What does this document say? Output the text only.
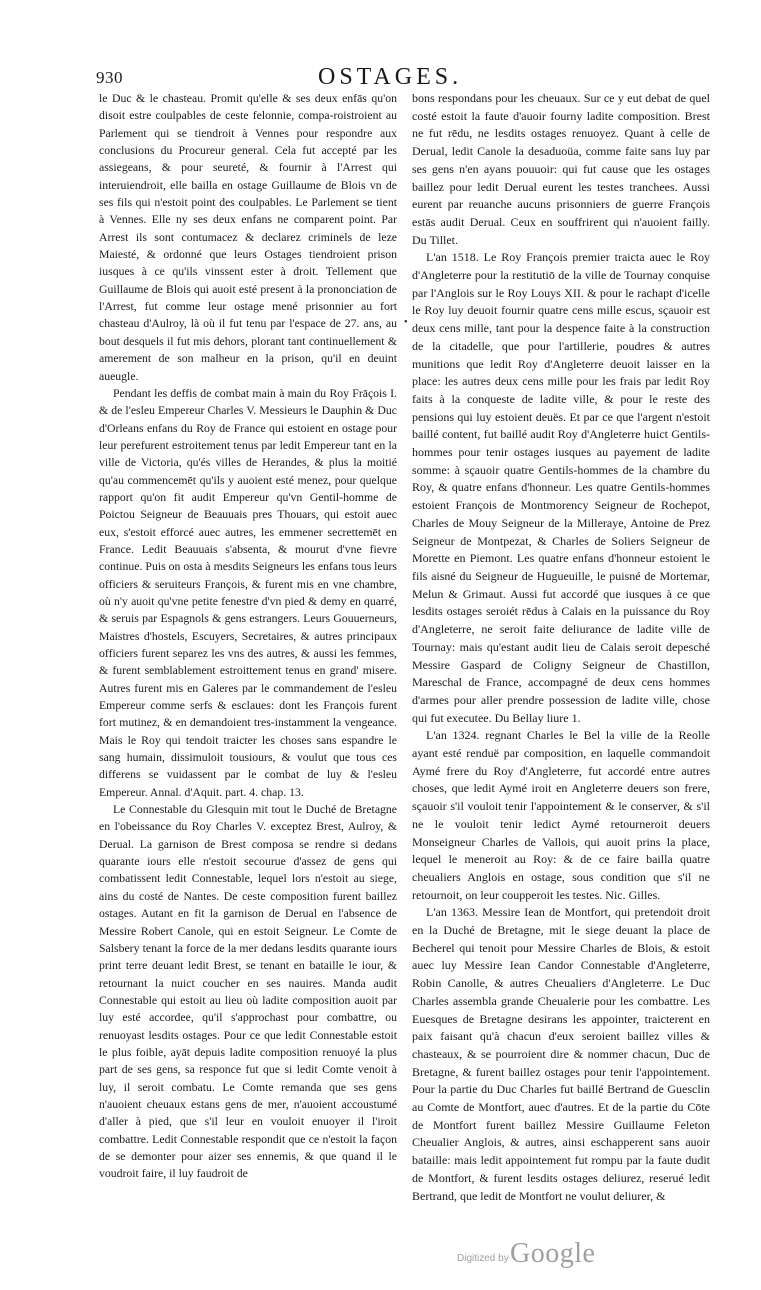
930	OSTAGES.

le Duc & le chasteau. Promit qu'elle & ses deux enfās qu'on disoit estre coulpables de ceste felonnie, compa-roistroient au Parlement qui se tiendroit à Vennes pour respondre aux conclusions du Procureur general. Cela fut accepté par les assiegeans, & pour seureté, & fournir à l'Arrest qui interuiendroit, elle bailla en ostage Guillaume de Blois vn de ses fils qui n'estoit point des coulpables. Le Parlement se tient à Vennes. Elle ny ses deux enfans ne comparent point. Par Arrest ils sont contumacez & declarez criminels de leze Maiesté, & ordonné que leurs Ostages tiendroient prison iusques à ce qu'ils vinssent ester à droit. Tellement que Guillaume de Blois qui auoit esté present à la prononciation de l'Arrest, fut comme leur ostage mené prisonnier au fort chasteau d'Aulroy, là où il fut tenu par l'espace de 27. ans, au bout desquels il fut mis dehors, plorant tant continuellement & amerement de son malheur en la prison, qu'il en deuint aueugle.

Pendant les deffis de combat main à main du Roy Frāçois I. & de l'esleu Empereur Charles V. Messieurs le Dauphin & Duc d'Orleans enfans du Roy de France qui estoient en ostage pour leur perefurent estroitement tenus par ledit Empereur tant en la ville de Victoria, qu'és villes de Herandes, & plus la moitié qu'au commencemēt qu'ils y auoient esté menez, pour quelque rapport qu'on fit audit Empereur qu'vn Gentil-homme de Poictou Seigneur de Beauuais pres Thouars, qui estoit auec eux, s'estoit efforcé auec autres, les emmener secrettemēt en France. Ledit Beauuais s'absenta, & mourut d'vne fievre continue. Puis on osta à mesdits Seigneurs les enfans tous leurs officiers & seruiteurs François, & furent mis en vne chambre, où n'y auoit qu'vne petite fenestre d'vn pied & demy en quarré, & seruis par Espagnols & gens estrangers. Leurs Gouuerneurs, Maistres d'hostels, Escuyers, Secretaires, & autres principaux officiers furent separez les vns des autres, & aussi les femmes, & furent semblablement estroittement tenus en grand' misere. Autres furent mis en Galeres par le commandement de l'esleu Empereur comme serfs & esclaues: dont les François furent fort mutinez, & en demandoient tres-instamment la vengeance. Mais le Roy qui tendoit traicter les choses sans espandre le sang humain, dissimuloit tousiours, & voulut que tous ces differens se vuidassent par le combat de luy & l'esleu Empereur. Annal. d'Aquit. part. 4. chap. 13.

Le Connestable du Glesquin mit tout le Duché de Bretagne en l'obeissance du Roy Charles V. exceptez Brest, Aulroy, & Derual. La garnison de Brest composa se rendre si dedans quarante iours elle n'estoit secourue d'assez de gens qui combatissent ledit Connestable, lequel lors n'estoit au siege, ains du costé de Nantes. De ceste composition furent baillez ostages. Autant en fit la garnison de Derual en l'absence de Messire Robert Canole, qui en estoit Seigneur. Le Comte de Salsbery tenant la force de la mer dedans lesdits quarante iours print terre deuant ledit Brest, se tenant en bataille le iour, & retournant la nuict coucher en ses nauires. Manda audit Connestable qui estoit au lieu où ladite composition auoit par luy esté accordee, qu'il s'approchast pour combattre, ou renuoyast lesdits ostages. Pour ce que ledit Connestable estoit le plus foible, ayāt depuis ladite composition renuoyé la plus part de ses gens, sa responce fut que si ledit Comte venoit à luy, il seroit combatu. Le Comte remanda que ses gens n'auoient cheuaux estans gens de mer, n'auoient accoustumé d'aller à pied, que s'il leur en vouloit enuoyer il l'iroit combattre. Ledit Connestable respondit que ce n'estoit la façon de se demonter pour aizer ses ennemis, & que quand il le voudroit faire, il luy faudroit de

•

bons respondans pour les cheuaux. Sur ce y eut debat de quel costé estoit la faute d'auoir fourny ladite composition. Brest ne fut rēdu, ne lesdits ostages renuoyez. Quant à celle de Derual, ledit Canole la desaduoüa, comme faite sans luy par ses gens n'en ayans pouuoir: qui fut cause que les ostages baillez pour ledit Derual eurent les testes tranchees. Aussi eurent par reuanche aucuns prisonniers de guerre François estās audit Derual. Ceux en souffrirent qui n'auoient failly. Du Tillet.

L'an 1518. Le Roy François premier traicta auec le Roy d'Angleterre pour la restitutiō de la ville de Tournay conquise par l'Anglois sur le Roy Louys XII. & pour le rachapt d'icelle le Roy luy deuoit fournir quatre cens mille escus, sçauoir est deux cens mille, tant pour la despence faite à la construction de la citadelle, que pour l'artillerie, poudres & autres munitions que ledit Roy d'Angleterre deuoit laisser en la place: les autres deux cens mille pour les frais par ledit Roy faits à la conqueste de ladite ville, & pour le reste des pensions qui luy estoient deuës. Et par ce que l'argent n'estoit baillé content, fut baillé audit Roy d'Angleterre huict Gentils-hommes pour tenir ostages iusques au payement de ladite somme: à sçauoir quatre Gentils-hommes de la chambre du Roy, & quatre enfans d'honneur. Les quatre Gentils-hommes estoient François de Montmorency Seigneur de Rochepot, Charles de Mouy Seigneur de la Milleraye, Antoine de Prez Seigneur de Montpezat, & Charles de Soliers Seigneur de Morette en Piemont. Les quatre enfans d'honneur estoient le fils aisné du Seigneur de Hugueuille, le puisné de Mortemar, Melun & Grimaut. Aussi fut accordé que iusques à ce que lesdits ostages seroiét rēdus à Calais en la puissance du Roy d'Angleterre, ne seroit faite deliurance de ladite ville de Tournay: mais qu'estant audit lieu de Calais seroit depesché Messire Gaspard de Coligny Seigneur de Chastillon, Mareschal de France, accompagné de deux cens hommes d'armes pour aller prendre possession de ladite ville, chose qui fut executee. Du Bellay liure 1.

L'an 1324. regnant Charles le Bel la ville de la Reolle ayant esté renduë par composition, en laquelle commandoit Aymé frere du Roy d'Angleterre, fut accordé entre autres choses, que ledit Aymé iroit en Angleterre deuers son frere, sçauoir s'il vouloit tenir l'appointement & le conserver, & s'il ne le vouloit tenir ledict Aymé retourneroit deuers Monseigneur Charles de Vallois, qui auoit prins la place, lequel le meneroit au Roy: & de ce faire bailla quatre cheualiers Anglois en ostage, sous condition que s'il ne retournoit, on leur coupperoit les testes. Nic. Gilles.

L'an 1363. Messire Iean de Montfort, qui pretendoit droit en la Duché de Bretagne, mit le siege deuant la place de Becherel qui tenoit pour Messire Charles de Blois, & estoit auec luy Messire Iean Candor Connestable d'Angleterre, Robin Canolle, & autres Cheualiers d'Angleterre. Le Duc Charles assembla grande Cheualerie pour les combattre. Les Euesques de Bretagne desirans les appointer, traicterent en paix faisant qu'à chacun d'eux seroient baillez villes & chasteaux, & se pourroient dire & nommer chacun, Duc de Bretagne, & furent baillez ostages pour tenir l'appointement. Pour la partie du Duc Charles fut baillé Bertrand de Guesclin au Comte de Montfort, auec d'autres. Et de la partie du Cōte de Montfort furent baillez Messire Guillaume Feleton Cheualier Anglois, & autres, ainsi eschapperent sans auoir bataille: mais ledit appointement fut rompu par la faute dudit de Montfort, & furent lesdits ostages deliurez, reserué ledit Bertrand, que ledit de Montfort ne voulut deliurer, &

Digitized by Google
